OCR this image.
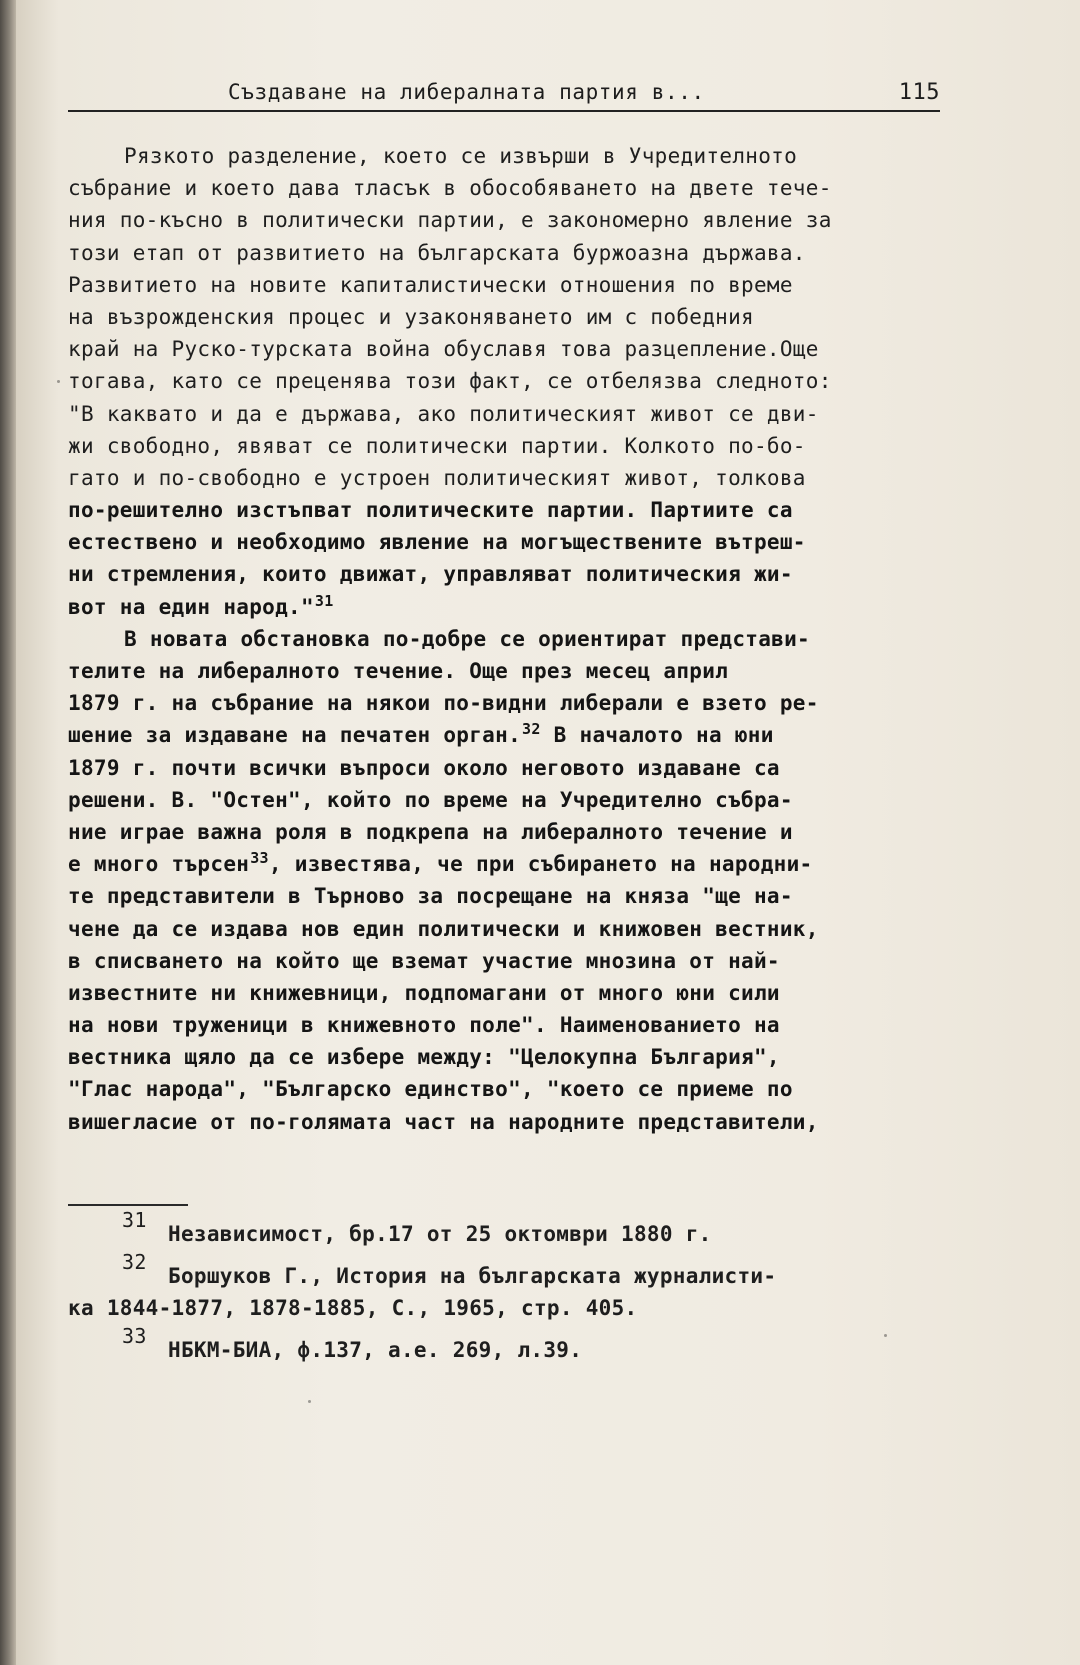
Създаване на либералната партия в...	115
Рязкото разделение, което се извърши в Учредителното
събрание и което дава тласък в обособяването на двете тече-
ния по-късно в политически партии, е закономерно явление за
този етап от развитието на българската буржоазна държава.
Развитието на новите капиталистически отношения по време
на възрожденския процес и узаконяването им с победния
край на Руско-турската война обуславя това разцепление.Още
тогава, като се преценява този факт, се отбелязва следното:
"В каквато и да е държава, ако политическият живот се дви-
жи свободно, явяват се политически партии. Колкото по-бо-
гато и по-свободно е устроен политическият живот, толкова
по-решително изстъпват политическите партии. Партиите са
естествено и необходимо явление на могъществените вътреш-
ни стремления, които движат, управляват политическия жи-
вот на един народ."$^{31}$
В новата обстановка по-добре се ориентират представи-
телите на либералното течение. Още през месец април
1879 г. на събрание на някои по-видни либерали е взето ре-
шение за издаване на печатен орган.$^{32}$ В началото на юни
1879 г. почти всички въпроси около неговото издаване са
решени. В. "Остен", който по време на Учредително събра-
ние играе важна роля в подкрепа на либералното течение и
е много търсен$^{33}$, известява, че при събирането на народни-
те представители в Търново за посрещане на княза "ще на-
чене да се издава нов един политически и книжовен вестник,
в списването на който ще вземат участие мнозина от най-
известните ни книжевници, подпомагани от много юни сили
на нови труженици в книжевното поле". Наименованието на
вестника щяло да се избере между: "Целокупна България",
"Глас народа", "Българско единство", "което се приеме по
вишегласие от по-голямата част на народните представители,
31
Независимост, бр.17 от 25 октомври 1880 г.
32
Боршуков Г., История на българската журналисти-
ка 1844-1877, 1878-1885, С., 1965, стр. 405.
33
НБКМ-БИА, ф.137, а.е. 269, л.39.
